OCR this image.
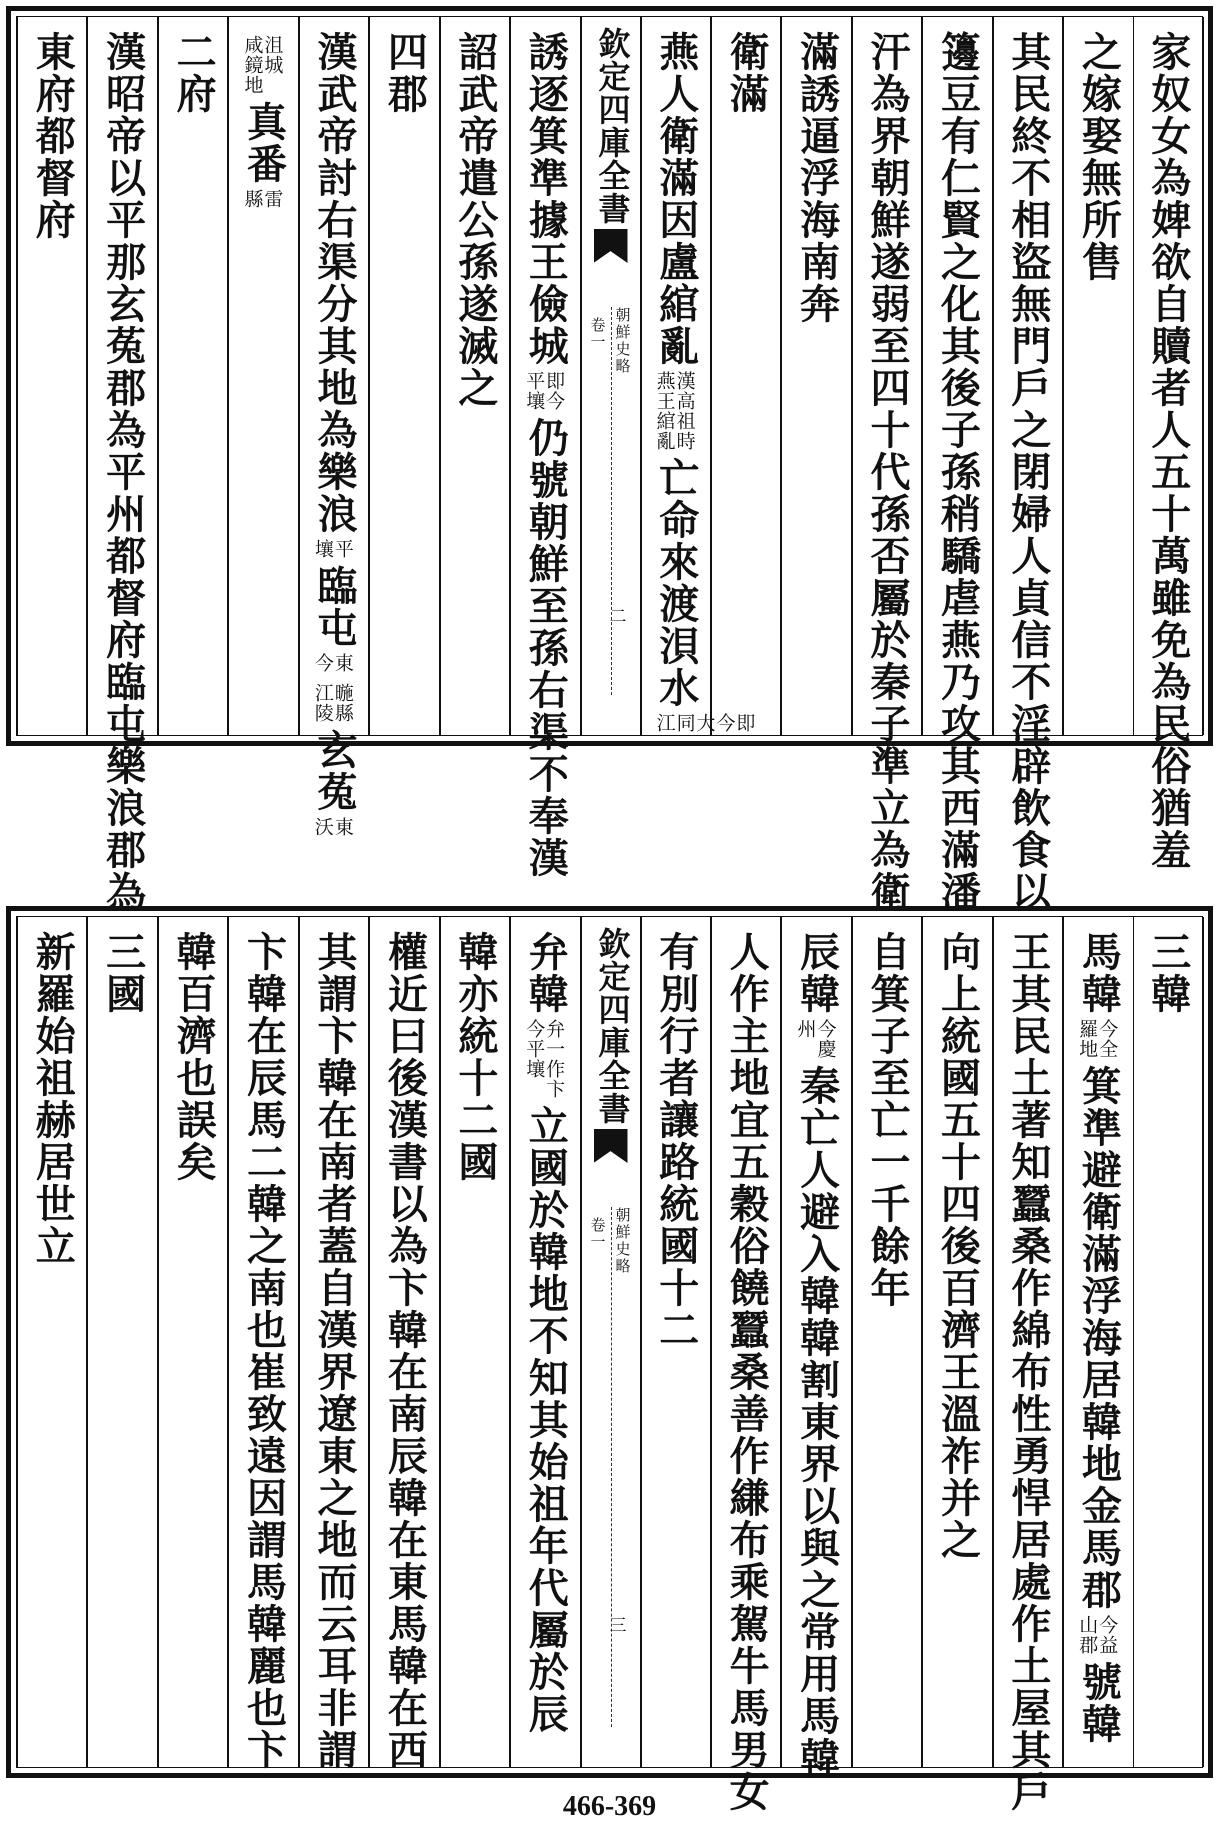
家奴女為婢欲自贖者人五十萬雖免為民俗猶羞
之嫁娶無所售
其民終不相盜無門戶之閉婦人貞信不淫辟飲食以
籩豆有仁賢之化其後子孫稍驕虐燕乃攻其西滿潘
汗為界朝鮮遂弱至四十代孫否屬於秦子準立為衛
滿誘逼浮海南奔
衛滿
燕人衛滿因盧綰亂
漢高祖時
燕王綰亂
亡命來渡浿水
即今大
同江
誘逐箕準據王儉城
即今
平壤
仍號朝鮮至孫右渠不奉漢
詔武帝遣公孫遂滅之
四郡
漢武帝討右渠分其地為樂浪
平
壤
臨屯
東
今
暆縣
江陵
玄菟
東
沃
沮城
咸鏡地
真番
雷
縣
二府
漢昭帝以平那玄菟郡為平州都督府臨屯樂浪郡為
東府都督府	欽定四庫全書
朝鮮史略
卷一
二
三韓
馬韓
今全
羅地
箕準避衛滿浮海居韓地金馬郡
今益
山郡
號韓
王其民土著知蠶桑作綿布性勇悍居處作土屋其戶
向上統國五十四後百濟王溫祚并之
自箕子至亡一千餘年
辰韓
今慶
州
秦亡人避入韓韓割東界以與之常用馬韓
人作主地宜五穀俗饒蠶桑善作縑布乘駕牛馬男女
有別行者讓路統國十二
弁韓
弁一作卞
今平壤
立國於韓地不知其始祖年代屬於辰
韓亦統十二國
權近曰後漢書以為卞韓在南辰韓在東馬韓在西
其謂卞韓在南者蓋自漢界遼東之地而云耳非謂
卞韓在辰馬二韓之南也崔致遠因謂馬韓麗也卞
韓百濟也誤矣
三國
新羅始祖赫居世立	欽定四庫全書
朝鮮史略
卷一
三
466-369
